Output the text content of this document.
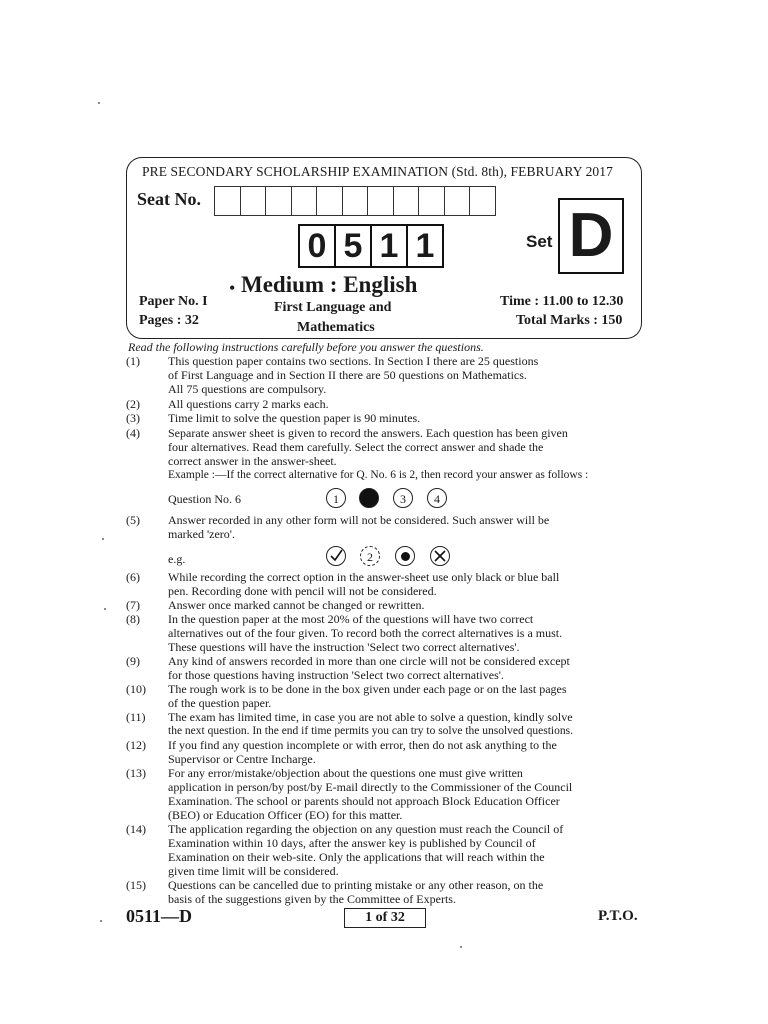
PRE SECONDARY SCHOLARSHIP EXAMINATION (Std. 8th), FEBRUARY 2017
Seat No.
0 5 1 1	Set D
• Medium : English
Paper No. I
Pages : 32
First Language and
Mathematics
Time : 11.00 to 12.30
Total Marks : 150
Read the following instructions carefully before you answer the questions.
(1) This question paper contains two sections. In Section I there are 25 questions
of First Language and in Section II there are 50 questions on Mathematics.
All 75 questions are compulsory.
(2) All questions carry 2 marks each.
(3) Time limit to solve the question paper is 90 minutes.
(4) Separate answer sheet is given to record the answers. Each question has been given
four alternatives. Read them carefully. Select the correct answer and shade the
correct answer in the answer-sheet.
Example :—If the correct alternative for Q. No. 6 is 2, then record your answer as follows :
Question No. 6	1	3	4
(5) Answer recorded in any other form will not be considered. Such answer will be
marked 'zero'.
e.g.	2
(6) While recording the correct option in the answer-sheet use only black or blue ball
pen. Recording done with pencil will not be considered.
(7) Answer once marked cannot be changed or rewritten.
(8) In the question paper at the most 20% of the questions will have two correct
alternatives out of the four given. To record both the correct alternatives is a must.
These questions will have the instruction 'Select two correct alternatives'.
(9) Any kind of answers recorded in more than one circle will not be considered except
for those questions having instruction 'Select two correct alternatives'.
(10) The rough work is to be done in the box given under each page or on the last pages
of the question paper.
(11) The exam has limited time, in case you are not able to solve a question, kindly solve
the next question. In the end if time permits you can try to solve the unsolved questions.
(12) If you find any question incomplete or with error, then do not ask anything to the
Supervisor or Centre Incharge.
(13) For any error/mistake/objection about the questions one must give written
application in person/by post/by E-mail directly to the Commissioner of the Council
Examination. The school or parents should not approach Block Education Officer
(BEO) or Education Officer (EO) for this matter.
(14) The application regarding the objection on any question must reach the Council of
Examination within 10 days, after the answer key is published by Council of
Examination on their web-site. Only the applications that will reach within the
given time limit will be considered.
(15) Questions can be cancelled due to printing mistake or any other reason, on the
basis of the suggestions given by the Committee of Experts.
0511—D	1 of 32	P.T.O.
